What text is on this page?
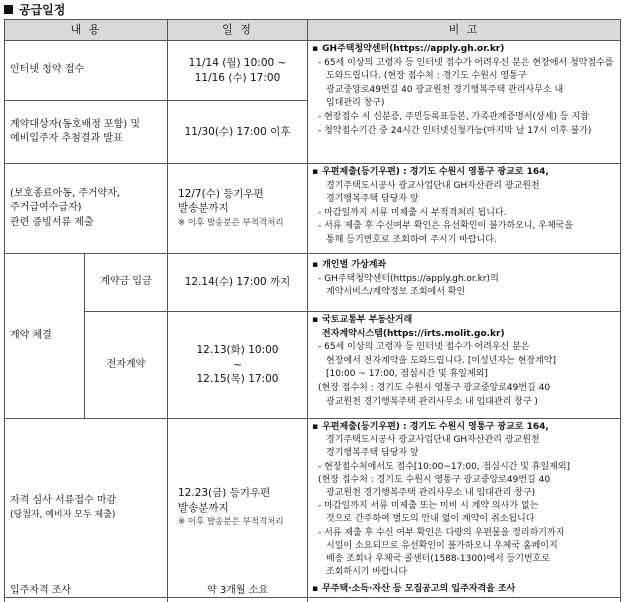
공급일정
내 용	일 정	비 고
인터넷 청약 접수
11/14 (월) 10:00 ~
11/16 (수) 17:00
계약대상자(동호배정 포함) 및
예비입주자 추첨결과 발표
11/30(수) 17:00 이후
▪ GH주택청약센터(https://apply.gh.or.kr)
- 65세 이상의 고령자 등 인터넷 접수가 어려우신 분은 현장에서 청약접수를
도와드립니다. (현장 접수처 : 경기도 수원시 영통구
광교중앙로49번길 40 광교원천 경기행복주택 관리사무소 내
임대관리 창구)
- 현장접수 시 신분증, 주민등록표등본, 가족관계증명서(상세) 등 지참
- 청약접수기간 중 24시간 인터넷신청가능(마지막 날 17시 이후 불가)
(보호종료아동, 주거약자,
주거급여수급자)
관련 증빙서류 제출
12/7(수) 등기우편
발송분까지
※ 이후 발송분은 부적격처리
▪ 우편제출(등기우편) : 경기도 수원시 영통구 광교로 164,
경기주택도시공사 광교사업단내 GH자산관리 광교원천
경기행복주택 담당자 앞
- 마감일까지 서류 미제출 시 부적격처리 됩니다.
- 서류 제출 후 수신여부 확인은 유선확인이 불가하오니, 우체국을
통해 등기번호로 조회하여 주시기 바랍니다.
계약 체결
계약금 입금	12.14(수) 17:00 까지
▪ 개인별 가상계좌
- GH주택청약센터(https://apply.gh.or.kr)의
계약서비스/계약정보 조회에서 확인
전자계약
12.13(화) 10:00
~
12.15(목) 17:00
▪ 국토교통부 부동산거래
전자계약시스템(https://irts.molit.go.kr)
- 65세 이상의 고령자 등 인터넷 접수가 어려우신 분은
현장에서 전자계약을 도와드립니다. [미성년자는 현장계약]
[10:00 ~ 17:00, 점심시간 및 휴일제외]
(현장 접수처 : 경기도 수원시 영통구 광교중앙로49번길 40
광교원천 경기행복주택 관리사무소 내 임대관리 창구 )
자격 심사 서류접수 마감
(당첨자, 예비자 모두 제출)
12.23(금) 등기우편
발송분까지
※ 이후 발송분은 부적격처리
▪ 우편제출(등기우편) : 경기도 수원시 영통구 광교로 164,
경기주택도시공사 광교사업단내 GH자산관리 광교원천
경기행복주택 담당자 앞
- 현장접수처에서도 접수[10:00~17:00, 점심시간 및 휴일제외]
(현장 접수처 : 경기도 수원시 영통구 광교중앙로49번길 40
광교원천 경기행복주택 관리사무소 내 임대관리 창구)
- 마감일까지 서류 미제출 또는 미비 시 계약 의사가 없는
것으로 간주하여 별도의 안내 없이 계약이 취소됩니다
- 서류 제출 후 수신 여부 확인은 다량의 우편물을 정리하기까지
시일이 소요되므로 유선확인이 불가하오니 우체국 홈페이지
배송 조회나 우체국 콜센터(1588-1300)에서 등기번호로
조회하시기 바랍니다
입주자격 조사	약 3개월 소요
▪	무주택·소득·자산 등 모집공고의 입주자격을 조사
